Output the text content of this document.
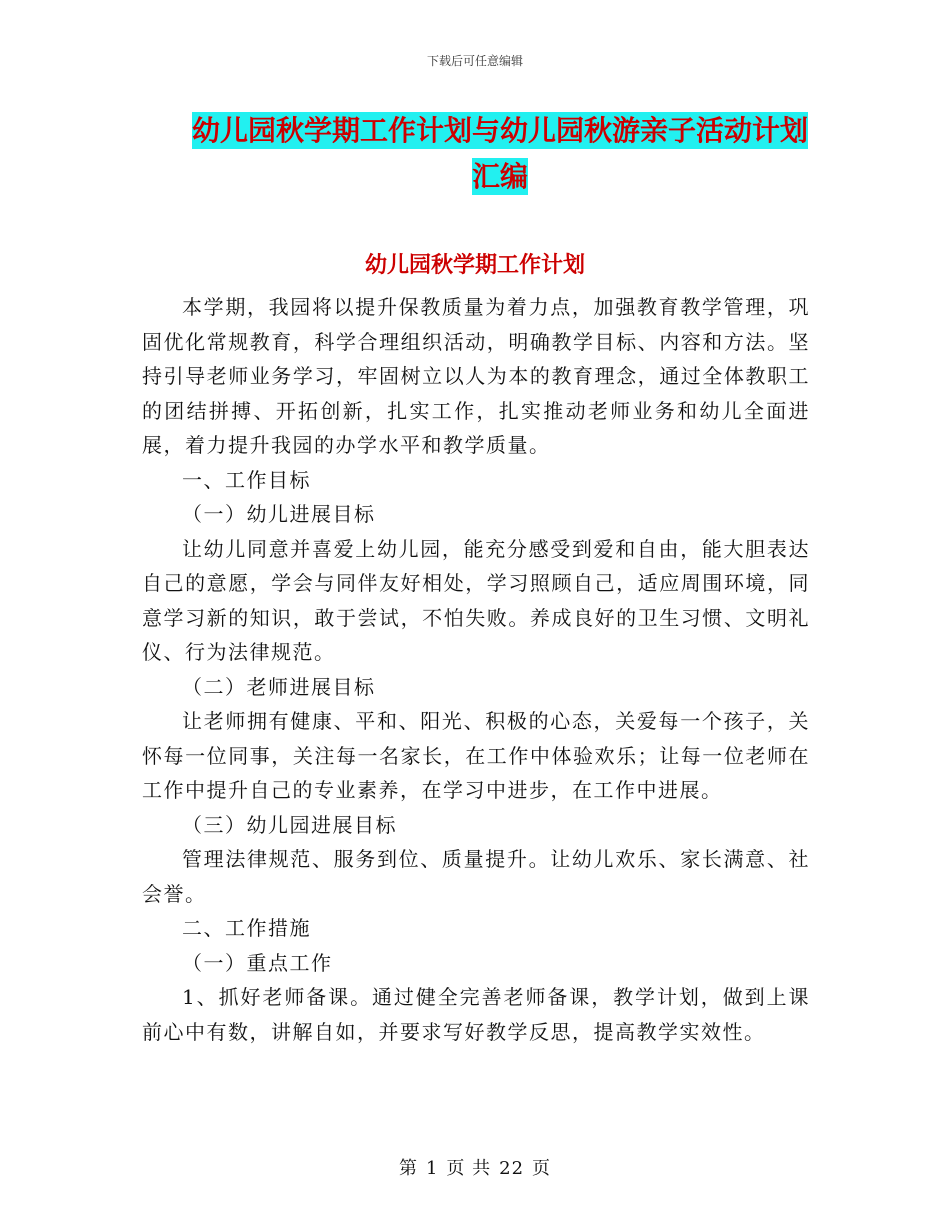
下载后可任意编辑
幼儿园秋学期工作计划与幼儿园秋游亲子活动计划汇编
幼儿园秋学期工作计划

本学期，我园将以提升保教质量为着力点，加强教育教学管理，巩固优化常规教育，科学合理组织活动，明确教学目标、内容和方法。坚持引导老师业务学习，牢固树立以人为本的教育理念，通过全体教职工的团结拼搏、开拓创新，扎实工作，扎实推动老师业务和幼儿全面进展，着力提升我园的办学水平和教学质量。

一、工作目标

（一）幼儿进展目标

让幼儿同意并喜爱上幼儿园，能充分感受到爱和自由，能大胆表达自己的意愿，学会与同伴友好相处，学习照顾自己，适应周围环境，同意学习新的知识，敢于尝试，不怕失败。养成良好的卫生习惯、文明礼仪、行为法律规范。

（二）老师进展目标

让老师拥有健康、平和、阳光、积极的心态，关爱每一个孩子，关怀每一位同事，关注每一名家长，在工作中体验欢乐；让每一位老师在工作中提升自己的专业素养，在学习中进步，在工作中进展。

（三）幼儿园进展目标

管理法律规范、服务到位、质量提升。让幼儿欢乐、家长满意、社会誉。

二、工作措施

（一）重点工作

1、抓好老师备课。通过健全完善老师备课，教学计划，做到上课前心中有数，讲解自如，并要求写好教学反思，提高教学实效性。

第 1 页 共 22 页
